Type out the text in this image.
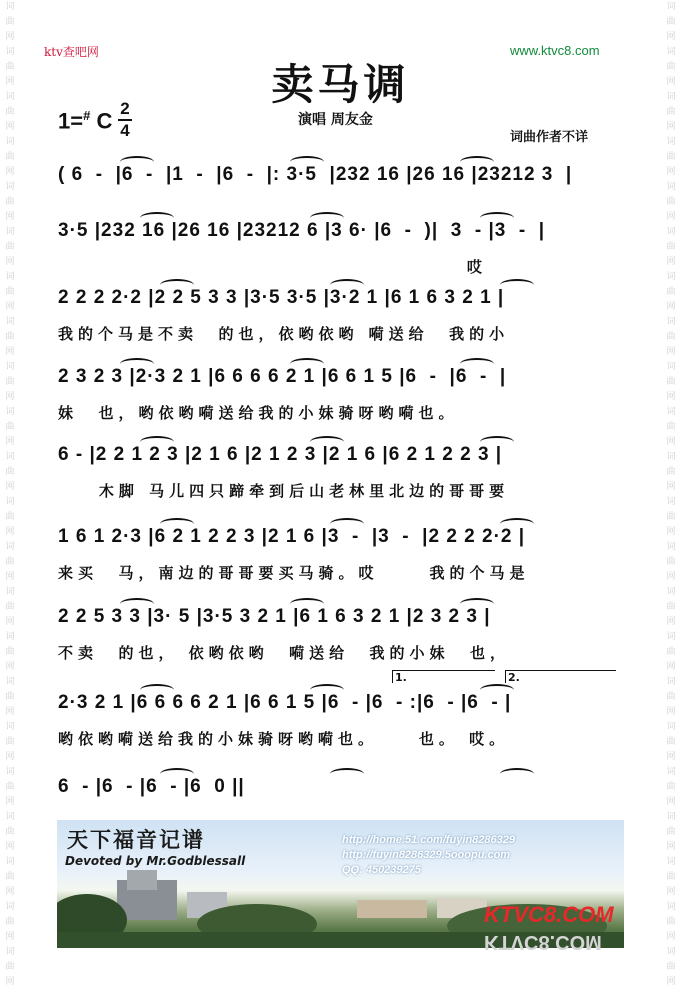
词曲网词曲网词曲网词曲网词曲网词曲网词曲网词曲网词曲网词曲网词曲网词曲网词曲网词曲网词曲网词曲网词曲网词曲网词曲网词曲网词曲网词曲网
词曲网词曲网词曲网词曲网词曲网词曲网词曲网词曲网词曲网词曲网词曲网词曲网词曲网词曲网词曲网词曲网词曲网词曲网词曲网词曲网词曲网词曲网
ktv查吧网	www.ktvc8.com
卖马调
1=# C 2
4
演唱 周友金
词曲作者不详
( 6  -  |6  -  |1  -  |6  -  |: 3·5  |232 16 |26 16 |23212 3  |
3·5 |232 16 |26 16 |23212 6 |3 6· |6  -  )|  3  - |3  -  |
哎
2 2 2 2·2 |2 2 5 3 3 |3·5 3·5 |3·2 1 |6 1 6 3 2 1 |
我的个马是不卖  的也，依哟依哟 嗬送给  我的小
2 3 2 3 |2·3 2 1 |6 6 6 6 2 1 |6 6 1 5 |6  -  |6  -  |
妹  也，哟依哟嗬送给我的小妹骑呀哟嗬也。
6 - |2 2 1 2 3 |2 1 6 |2 1 2 3 |2 1 6 |6 2 1 2 2 3 |
木脚 马儿四只蹄牵到后山老林里北边的哥哥要
1 6 1 2·3 |6 2 1 2 2 3 |2 1 6 |3  -  |3  -  |2 2 2 2·2 |
来买  马，南边的哥哥要买马骑。哎     我的个马是
2 2 5 3 3 |3· 5 |3·5 3 2 1 |6 1 6 3 2 1 |2 3 2 3 |
不卖  的也， 依哟依哟  嗬送给  我的小妹  也，
2·3 2 1 |6 6 6 6 2 1 |6 6 1 5 |6  - |6  - :|6  - |6  - |
哟依哟嗬送给我的小妹骑呀哟嗬也。    也。 哎。
6  - |6  - |6  - |6  0 ||
1.	2.
天下福音记谱
Devoted by Mr.Godblessall
http://home.51.com/fuyin8286329
http://fuyin8286329.5ooopu.com
QQ: 450239275
KTVC8.COM
KTVC8.COM
